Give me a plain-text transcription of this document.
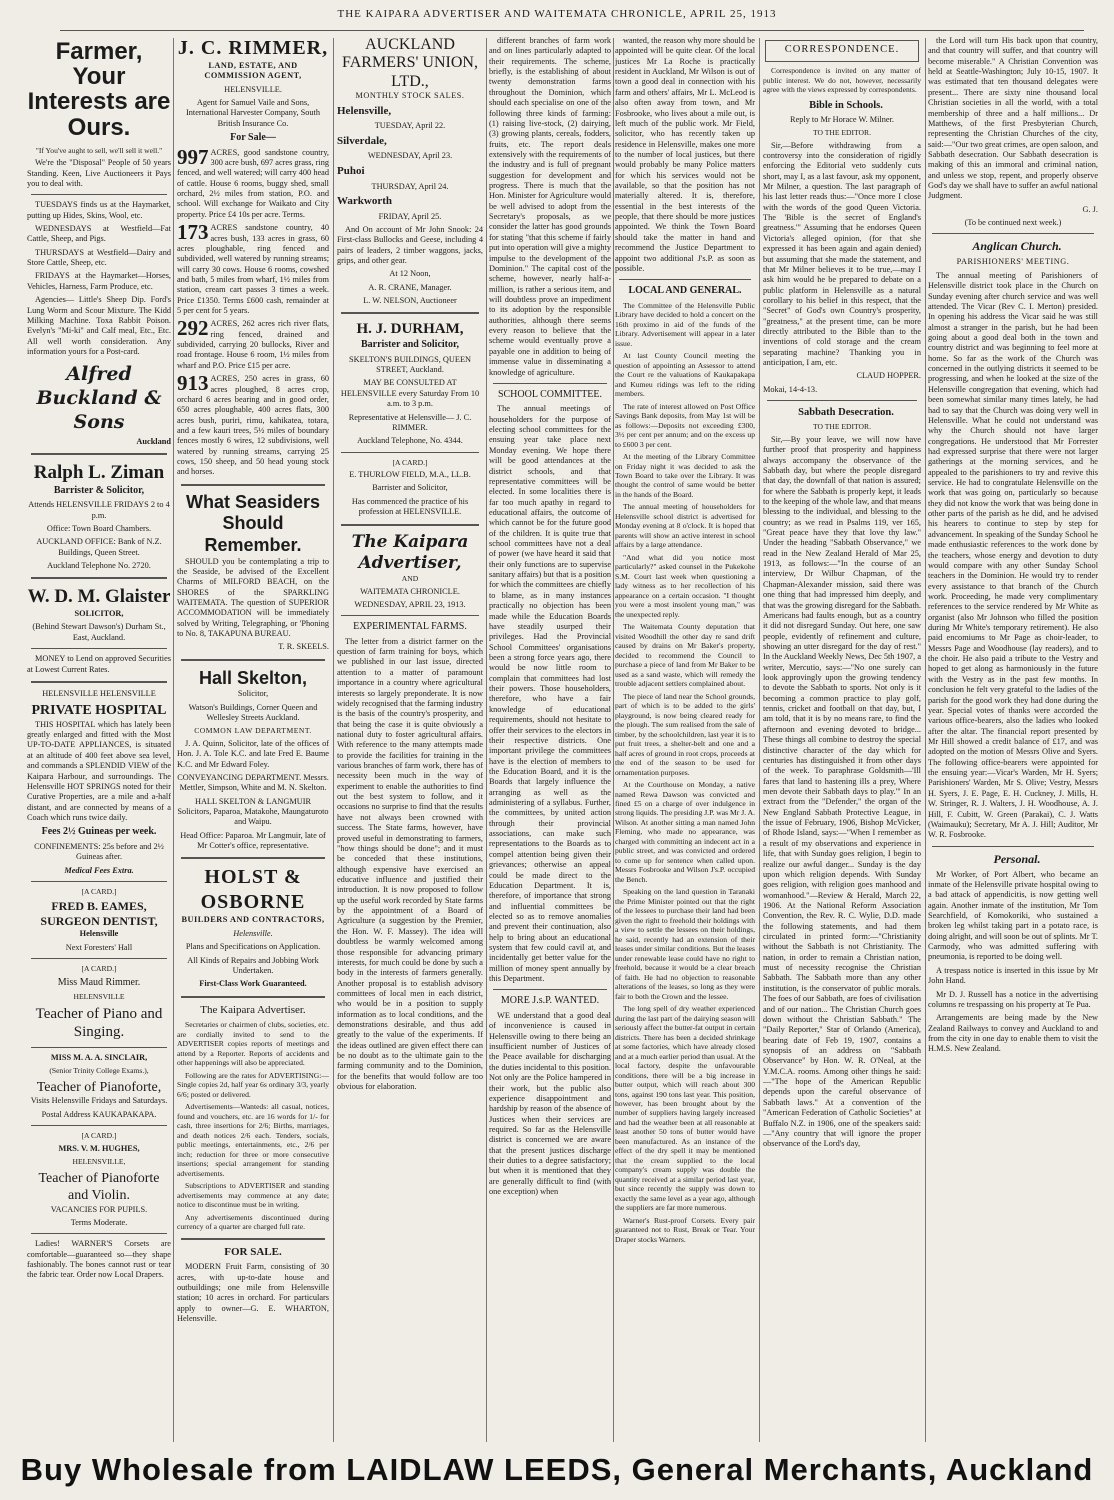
THE KAIPARA ADVERTISER AND WAITEMATA CHRONICLE, APRIL 25, 1913
Farmer, Your Interests are Ours.

"If You've aught to sell, we'll sell it well."

We're the "Disposal" People of 50 years Standing. Keen, Live Auctioneers it Pays you to deal with.

TUESDAYS finds us at the Haymarket, putting up Hides, Skins, Wool, etc.

WEDNESDAYS at Westfield—Fat Cattle, Sheep, and Pigs.

THURSDAYS at Westfield—Dairy and Store Cattle, Sheep, etc.

FRIDAYS at the Haymarket—Horses, Vehicles, Harness, Farm Produce, etc.

Agencies— Little's Sheep Dip. Ford's Lung Worm and Scour Mixture. The Kidd Milking Machine. Toxa Rabbit Poison. Evelyn's "Mi-ki" and Calf meal, Etc., Etc. All well worth consideration. Any information yours for a Post-card.

Alfred Buckland & Sons

Auckland

Ralph L. Ziman

Barrister & Solicitor,

Attends HELENSVILLE FRIDAYS 2 to 4 p.m.

Office: Town Board Chambers.

AUCKLAND OFFICE: Bank of N.Z. Buildings, Queen Street.

Auckland Telephone No. 2720.

W. D. M. Glaister

SOLICITOR,

(Behind Stewart Dawson's) Durham St., East, Auckland.

MONEY to Lend on approved Securities at Lowest Current Rates.

HELENSVILLE HELENSVILLE

PRIVATE HOSPITAL

THIS HOSPITAL which has lately been greatly enlarged and fitted with the Most UP-TO-DATE APPLIANCES, is situated at an altitude of 400 feet above sea level, and commands a SPLENDID VIEW of the Kaipara Harbour, and surroundings. The Helensville HOT SPRINGS noted for their Curative Properties, are a mile and a-half distant, and are connected by means of a Coach which runs twice daily.

Fees 2½ Guineas per week.

CONFINEMENTS: 25s before and 2½ Guineas after.

Medical Fees Extra.

[A CARD.]

FRED B. EAMES,
SURGEON DENTIST,

Helensville

Next Foresters' Hall

[A CARD.]

Miss Maud Rimmer.

HELENSVILLE

Teacher of Piano and Singing.

MISS M. A. A. SINCLAIR,

(Senior Trinity College Exams.),

Teacher of Pianoforte,

Visits Helensville Fridays and Saturdays.

Postal Address KAUKAPAKAPA.

[A CARD.]

MRS. V. M. HUGHES,

HELENSVILLE,

Teacher of Pianoforte and Violin.

VACANCIES FOR PUPILS.

Terms Moderate.

Ladies! WARNER'S Corsets are comfortable—guaranteed so—they shape fashionably. The bones cannot rust or tear the fabric tear. Order now Local Drapers.

J. C. RIMMER,

LAND, ESTATE, AND COMMISSION AGENT,

HELENSVILLE.

Agent for Samuel Vaile and Sons, International Harvester Company, South British Insurance Co.

For Sale—

997 ACRES, good sandstone country, 300 acre bush, 697 acres grass, ring fenced, and well watered; will carry 400 head of cattle. House 6 rooms, buggy shed, small orchard, 2½ miles from station, P.O. and school. Will exchange for Waikato and City property. Price £4 10s per acre. Terms.

173 ACRES sandstone country, 40 acres bush, 133 acres in grass, 60 acres ploughable, ring fenced and subdivided, well watered by running streams; will carry 30 cows. House 6 rooms, cowshed and bath, 5 miles from wharf, 1½ miles from station, cream cart passes 3 times a week. Price £1350. Terms £600 cash, remainder at 5 per cent for 5 years.

292 ACRES, 262 acres rich river flats, ring fenced, drained and subdivided, carrying 20 bullocks, River and road frontage. House 6 room, 1½ miles from wharf and P.O. Price £15 per acre.

913 ACRES, 250 acres in grass, 60 acres ploughed, 8 acres crop, orchard 6 acres bearing and in good order, 650 acres ploughable, 400 acres flats, 300 acres bush, puriri, rimu, kahikatea, totara, and a few kauri trees, 5½ miles of boundary fences mostly 6 wires, 12 subdivisions, well watered by running streams, carrying 25 cows, 150 sheep, and 50 head young stock and horses.

What Seasiders Should Remember.

SHOULD you be contemplating a trip to the Seaside, be advised of the Excellent Charms of MILFORD BEACH, on the SHORES of the SPARKLING WAITEMATA. The question of SUPERIOR ACCOMMODATION will be immediately solved by Writing, Telegraphing, or 'Phoning to No. 8, TAKAPUNA BUREAU.

T. R. SKEELS.

Hall Skelton,

Solicitor,

Watson's Buildings, Corner Queen and Wellesley Streets Auckland.

COMMON LAW DEPARTMENT.

J. A. Quinn, Solicitor, late of the offices of Hon. J. A. Tole K.C. and late Fred E. Baume K.C. and Mr Edward Foley.

CONVEYANCING DEPARTMENT. Messrs. Mettler, Simpson, White and M. N. Skelton.

HALL SKELTON & LANGMUIR Solicitors, Paparoa, Matakohe, Maungaturoto and Waipu.

Head Office: Paparoa. Mr Langmuir, late of Mr Cotter's office, representative.

HOLST & OSBORNE

BUILDERS AND CONTRACTORS,

Helensville.

Plans and Specifications on Application.

All Kinds of Repairs and Jobbing Work Undertaken.

First-Class Work Guaranteed.

The Kaipara Advertiser.

Secretaries or chairmen of clubs, societies, etc. are cordially invited to send to the ADVERTISER copies reports of meetings and attend by a Reporter. Reports of accidents and other happenings will also be appreciated.

Following are the rates for ADVERTISING:—Single copies 2d, half year 6s ordinary 3/3, yearly 6/6; posted or delivered.

Advertisements—Wanteds: all casual, notices, found and vouchers, etc. are 16 words for 1/- for cash, three insertions for 2/6; Births, marriages, and death notices 2/6 each. Tenders, socials, public meetings, entertainments, etc., 2/6 per inch; reduction for three or more consecutive insertions; special arrangement for standing advertisements.

Subscriptions to ADVERTISER and standing advertisements may commence at any date; notice to discontinue must be in writing.

Any advertisements discontinued during currency of a quarter are charged full rate.

FOR SALE.

MODERN Fruit Farm, consisting of 30 acres, with up-to-date house and outbuildings; one mile from Helensville station; 10 acres in orchard. For particulars apply to owner—G. E. WHARTON, Helensville.

AUCKLAND FARMERS' UNION, LTD.,

MONTHLY STOCK SALES.

Helensville,

TUESDAY, April 22.

Silverdale,

WEDNESDAY, April 23.

Puhoi

THURSDAY, April 24.

Warkworth

FRIDAY, April 25.

And On account of Mr John Snook: 24 First-class Bullocks and Geese, including 4 pairs of leaders, 2 timber waggons, jacks, grips, and other gear.

At 12 Noon,

A. R. CRANE, Manager.

L. W. NELSON, Auctioneer

H. J. DURHAM,

Barrister and Solicitor,

SKELTON'S BUILDINGS, QUEEN STREET, Auckland.

MAY BE CONSULTED AT HELENSVILLE every Saturday From 10 a.m. to 3 p.m.

Representative at Helensville— J. C. RIMMER.

Auckland Telephone, No. 4344.

[A CARD.]

E. THURLOW FIELD, M.A., LL.B.

Barrister and Solicitor,

Has commenced the practice of his profession at HELENSVILLE.

The Kaipara Advertiser,

AND

WAITEMATA CHRONICLE.

WEDNESDAY, APRIL 23, 1913.

EXPERIMENTAL FARMS.

The letter from a district farmer on the question of farm training for boys, which we published in our last issue, directed attention to a matter of paramount importance in a country where agricultural interests so largely preponderate. It is now widely recognised that the farming industry is the basis of the country's prosperity, and that being the case it is quite obviously a national duty to foster agricultural affairs. With reference to the many attempts made to provide the facilities for training in the various branches of farm work, there has of necessity been much in the way of experiment to enable the authorities to find out the best system to follow, and it occasions no surprise to find that the results have not always been crowned with success. The State farms, however, have proved useful in demonstrating to farmers, "how things should be done"; and it must be conceded that these institutions, although expensive have exercised an educative influence and justified their introduction. It is now proposed to follow up the useful work recorded by State farms by the appointment of a Board of Agriculture (a suggestion by the Premier, the Hon. W. F. Massey). The idea will doubtless be warmly welcomed among those responsible for advancing primary interests, for much could be done by such a body in the interests of farmers generally. Another proposal is to establish advisory committees of local men in each district, who would be in a position to supply information as to local conditions, and the demonstrations desirable, and thus add greatly to the value of the experiments. If the ideas outlined are given effect there can be no doubt as to the ultimate gain to the farming community and to the Dominion, for the benefits that would follow are too obvious for elaboration.

different branches of farm work and on lines particularly adapted to their requirements. The scheme, briefly, is the establishing of about twenty demonstration farms throughout the Dominion, which should each specialise on one of the following three kinds of farming: (1) raising live-stock, (2) dairying, (3) growing plants, cereals, fodders, fruits, etc. The report deals extensively with the requirements of the industry and is full of pregnant suggestion for development and progress. There is much that the Hon. Minister for Agriculture would be well advised to adopt from the Secretary's proposals, as we consider the latter has good grounds for stating "that this scheme if fairly put into operation will give a mighty impulse to the development of the Dominion." The capital cost of the scheme, however, nearly half-a-million, is rather a serious item, and will doubtless prove an impediment to its adoption by the responsible authorities, although there seems every reason to believe that the scheme would eventually prove a payable one in addition to being of immense value in disseminating a knowledge of agriculture.

SCHOOL COMMITTEE.

The annual meetings of householders for the purpose of electing school committees for the ensuing year take place next Monday evening. We hope there will be good attendances at the district schools, and that representative committees will be elected. In some localities there is far too much apathy in regard to educational affairs, the outcome of which cannot be for the future good of the children. It is quite true that school committees have not a deal of power (we have heard it said that their only functions are to supervise sanitary affairs) but that is a position for which the committees are chiefly to blame, as in many instances practically no objection has been made while the Education Boards have steadily usurped their privileges. Had the Provincial School Committees' organisations been a strong force years ago, there would be now little room to complain that committees had lost their powers. Those householders, therefore, who have a fair knowledge of educational requirements, should not hesitate to offer their services to the electors in their respective districts. One important privilege the committees have is the election of members to the Education Board, and it is the Boards that largely influence the arranging as well as the administering of a syllabus. Further, the committees, by united action through their provincial associations, can make such representations to the Boards as to compel attention being given their grievances; otherwise an appeal could be made direct to the Education Department. It is, therefore, of importance that strong and influential committees be elected so as to remove anomalies and prevent their continuation, also help to bring about an educational system that few could cavil at, and incidentally get better value for the million of money spent annually by this Department.

MORE J.s.P. WANTED.

WE understand that a good deal of inconvenience is caused in Helensville owing to there being an insufficient number of Justices of the Peace available for discharging the duties incidental to this position. Not only are the Police hampered in their work, but the public also experience disappointment and hardship by reason of the absence of Justices when their services are required. So far as the Helensville district is concerned we are aware that the present justices discharge their duties to a degree satisfactory; but when it is mentioned that they are generally difficult to find (with one exception) when

wanted, the reason why more should be appointed will be quite clear. Of the local justices Mr La Roche is practically resident in Auckland, Mr Wilson is out of town a good deal in connection with his farm and others' affairs, Mr L. McLeod is also often away from town, and Mr Fosbrooke, who lives about a mile out, is left much of the public work. Mr Field, solicitor, who has recently taken up residence in Helensville, makes one more to the number of local justices, but there would probably be many Police matters for which his services would not be available, so that the position has not materially altered. It is, therefore, essential in the best interests of the people, that there should be more justices appointed. We think the Town Board should take the matter in hand and recommend the Justice Department to appoint two additional J's.P. as soon as possible.

LOCAL AND GENERAL.

The Committee of the Helensville Public Library have decided to hold a concert on the 16th proximo in aid of the funds of the Library. Advertisement will appear in a later issue.

At last County Council meeting the question of appointing an Assessor to attend the Court re the valuations of Kaukapakapa and Kumeu ridings was left to the riding members.

The rate of interest allowed on Post Office Savings Bank deposits, from May 1st will be as follows:—Deposits not exceeding £300, 3½ per cent per annum; and on the excess up to £600 3 per cent.

At the meeting of the Library Committee on Friday night it was decided to ask the Town Board to take over the Library. It was thought the control of same would be better in the hands of the Board.

The annual meeting of householders for Helensville school district is advertised for Monday evening at 8 o'clock. It is hoped that parents will show an active interest in school affairs by a large attendance.

"And what did you notice most particularly?" asked counsel in the Pukekohe S.M. Court last week when questioning a lady witness as to her recollection of his appearance on a certain occasion. "I thought you were a most insolent young man," was the unexpected reply.

The Waitemata County deputation that visited Woodhill the other day re sand drift caused by drains on Mr Baker's property, decided to recommend the Council to purchase a piece of land from Mr Baker to be used as a sand waste, which will remedy the trouble adjacent settlers complained about.

The piece of land near the School grounds, part of which is to be added to the girls' playground, is now being cleared ready for the plough. The sum realised from the sale of timber, by the schoolchildren, last year it is to put fruit trees, a shelter-belt and one and a half acres of ground in root crops, proceeds at the end of the season to be used for ornamentation purposes.

At the Courthouse on Monday, a native named Rewa Dawson was convicted and fined £5 on a charge of over indulgence in strong liquids. The presiding J.P. was Mr J. A. Wilson. At another sitting a man named John Fleming, who made no appearance, was charged with committing an indecent act in a public street, and was convicted and ordered to come up for sentence when called upon. Messrs Fosbrooke and Wilson J's.P. occupied the Bench.

Speaking on the land question in Taranaki the Prime Minister pointed out that the right of the lessees to purchase their land had been given the right to freehold their holdings with a view to settle the lessees on their holdings, he said, recently had an extension of their leases under similar conditions. But the leases under renewable lease could have no right to freehold, because it would be a clear breach of faith. He had no objection to reasonable alterations of the leases, so long as they were fair to both the Crown and the lessee.

The long spell of dry weather experienced during the last part of the dairying season will seriously affect the butter-fat output in certain districts. There has been a decided shrinkage at some factories, which have already closed and at a much earlier period than usual. At the local factory, despite the unfavourable conditions, there will be a big increase in butter output, which will reach about 300 tons, against 190 tons last year. This position, however, has been brought about by the number of suppliers having largely increased and had the weather been at all reasonable at least another 50 tons of butter would have been manufactured. As an instance of the effect of the dry spell it may be mentioned that the cream supplied to the local company's cream supply was double the quantity received at a similar period last year, but since recently the supply was down to exactly the same level as a year ago, although the suppliers are far more numerous.

Warner's Rust-proof Corsets. Every pair guaranteed not to Rust, Break or Tear. Your Draper stocks Warners.

CORRESPONDENCE.

Correspondence is invited on any matter of public interest. We do not, however, necessarily agree with the views expressed by correspondents.

Bible in Schools.

Reply to Mr Horace W. Milner.

TO THE EDITOR.

Sir,—Before withdrawing from a controversy into the consideration of rigidly enforcing the Editorial veto suddenly cuts short, may I, as a last favour, ask my opponent, Mr Milner, a question. The last paragraph of his last letter reads thus:—"Once more I close with the words of the good Queen Victoria. The 'Bible is the secret of England's greatness.'" Assuming that he endorses Queen Victoria's alleged opinion, (for that she expressed it has been again and again denied) but assuming that she made the statement, and that Mr Milner believes it to be true,—may I ask him would he be prepared to debate on a public platform in Helensville as a natural corollary to his belief in this respect, that the "Secret" of God's own Country's prosperity, "greatness," at the present time, can be more directly attributed to the Bible than to the inventions of cold storage and the cream separating machine? Thanking you in anticipation, I am, etc.

CLAUD HOPPER.

Mokai, 14-4-13.

Sabbath Desecration.

TO THE EDITOR.

Sir,—By your leave, we will now have further proof that prosperity and happiness always accompany the observance of the Sabbath day, but where the people disregard that day, the downfall of that nation is assured; for where the Sabbath is properly kept, it leads to the keeping of the whole law, and that means blessing to the individual, and blessing to the country; as we read in Psalms 119, ver 165, "Great peace have they that love thy law." Under the heading "Sabbath Observance," we read in the New Zealand Herald of Mar 25, 1913, as follows:—"In the course of an interview, Dr Wilbur Chapman, of the Chapman-Alexander mission, said there was one thing that had impressed him deeply, and that was the growing disregard for the Sabbath. Americans had faults enough, but as a country it did not disregard Sunday. Out here, one saw people, evidently of refinement and culture, showing an utter disregard for the day of rest." In the Auckland Weekly News, Dec 5th 1907, a writer, Mercutio, says:—"No one surely can look approvingly upon the growing tendency to devote the Sabbath to sports. Not only is it becoming a common practice to play golf, tennis, cricket and football on that day, but, I am told, that it is by no means rare, to find the afternoon and evening devoted to bridge... These things all combine to destroy the special distinctive character of the day which for centuries has distinguished it from other days of the week. To paraphrase Goldsmith—'Ill fares that land to hastening ills a prey, Where men devote their Sabbath days to play.'" In an extract from the "Defender," the organ of the New England Sabbath Protective League, in the issue of February, 1906, Bishop McVicker, of Rhode Island, says:—"When I remember as a result of my observations and experience in life, that with Sunday goes religion, I begin to realize our awful danger... Sunday is the day upon which religion depends. With Sunday goes religion, with religion goes manhood and womanhood."—Review & Herald, March 22, 1906. At the National Reform Association Convention, the Rev. R. C. Wylie, D.D. made the following statements, and had them circulated in printed form:—"Christianity without the Sabbath is not Christianity. The nation, in order to remain a Christian nation, must of necessity recognise the Christian Sabbath. The Sabbath more than any other institution, is the conservator of public morals. The foes of our Sabbath, are foes of civilisation and of our nation... The Christian Church goes down without the Christian Sabbath." The "Daily Reporter," Star of Orlando (America), bearing date of Feb 19, 1907, contains a synopsis of an address on "Sabbath Observance" by Hon. W. R. O'Neal, at the Y.M.C.A. rooms. Among other things he said:—"The hope of the American Republic depends upon the careful observance of Sabbath laws." At a convention of the "American Federation of Catholic Societies" at Buffalo N.Z. in 1906, one of the speakers said:—"Any country that will ignore the proper observance of the Lord's day,

the Lord will turn His back upon that country, and that country will suffer, and that country will become miserable." A Christian Convention was held at Seattle-Washington; July 10-15, 1907. It was estimated that ten thousand delegates were present... There are sixty nine thousand local Christian societies in all the world, with a total membership of three and a half millions... Dr Matthews, of the first Presbyterian Church, representing the Christian Churches of the city, said:—"Our two great crimes, are open saloon, and Sabbath desecration. Our Sabbath desecration is making of this an immoral and criminal nation, and unless we stop, repent, and properly observe God's day we shall have to suffer an awful national Judgment.

G. J.

(To be continued next week.)

Anglican Church.

PARISHIONERS' MEETING.

The annual meeting of Parishioners of Helensville district took place in the Church on Sunday evening after church service and was well attended. The Vicar (Rev C. I. Merton) presided. In opening his address the Vicar said he was still almost a stranger in the parish, but he had been going about a good deal both in the town and country district and was beginning to feel more at home. So far as the work of the Church was concerned in the outlying districts it seemed to be progressing, and when he looked at the size of the Helensville congregation that evening, which had been somewhat similar many times lately, he had had to say that the Church was doing very well in Helensville. What he could not understand was why the Church should not have larger congregations. He understood that Mr Forrester had expressed surprise that there were not larger gatherings at the morning services, and he appealed to the parishioners to try and revive this service. He had to congratulate Helensville on the work that was going on, particularly so because they did not know the work that was being done in other parts of the parish as he did, and he advised his hearers to continue to step by step for advancement. In speaking of the Sunday School he made enthusiastic references to the work done by the teachers, whose energy and devotion to duty would compare with any other Sunday School teachers in the Dominion. He would try to render every assistance to that branch of the Church work. Proceeding, he made very complimentary references to the service rendered by Mr White as organist (also Mr Johnson who filled the position during Mr White's temporary retirement). He also paid encomiums to Mr Page as choir-leader, to Messrs Page and Woodhouse (lay readers), and to the choir. He also paid a tribute to the Vestry and hoped to get along as harmoniously in the future with the Vestry as in the past few months. In conclusion he felt very grateful to the ladies of the parish for the good work they had done during the year. Special votes of thanks were accorded the various office-bearers, also the ladies who looked after the altar. The financial report presented by Mr Hill showed a credit balance of £17, and was adopted on the motion of Messrs Olive and Syers. The following office-bearers were appointed for the ensuing year:—Vicar's Warden, Mr H. Syers; Parishioners' Warden, Mr S. Olive; Vestry, Messrs H. Syers, J. E. Page, E. H. Cuckney, J. Mills, H. W. Stringer, R. J. Walters, J. H. Woodhouse, A. J. Hill, F. Cubitt, W. Green (Parakai), C. J. Watts (Waimauku); Secretary, Mr A. J. Hill; Auditor, Mr W. R. Fosbrooke.

Personal.

Mr Worker, of Port Albert, who became an inmate of the Helensville private hospital owing to a bad attack of appendicitis, is now getting well again. Another inmate of the institution, Mr Tom Searchfield, of Komokoriki, who sustained a broken leg whilst taking part in a potato race, is doing alright, and will soon be out of splints. Mr T. Carmody, who was admitted suffering with pneumonia, is reported to be doing well.

A trespass notice is inserted in this issue by Mr John Hand.

Mr D. J. Russell has a notice in the advertising columns re trespassing on his property at Te Pua.

Arrangements are being made by the New Zealand Railways to convey and Auckland to and from the city in one day to enable them to visit the H.M.S. New Zealand.

Buy Wholesale from LAIDLAW LEEDS, General Merchants, Auckland
